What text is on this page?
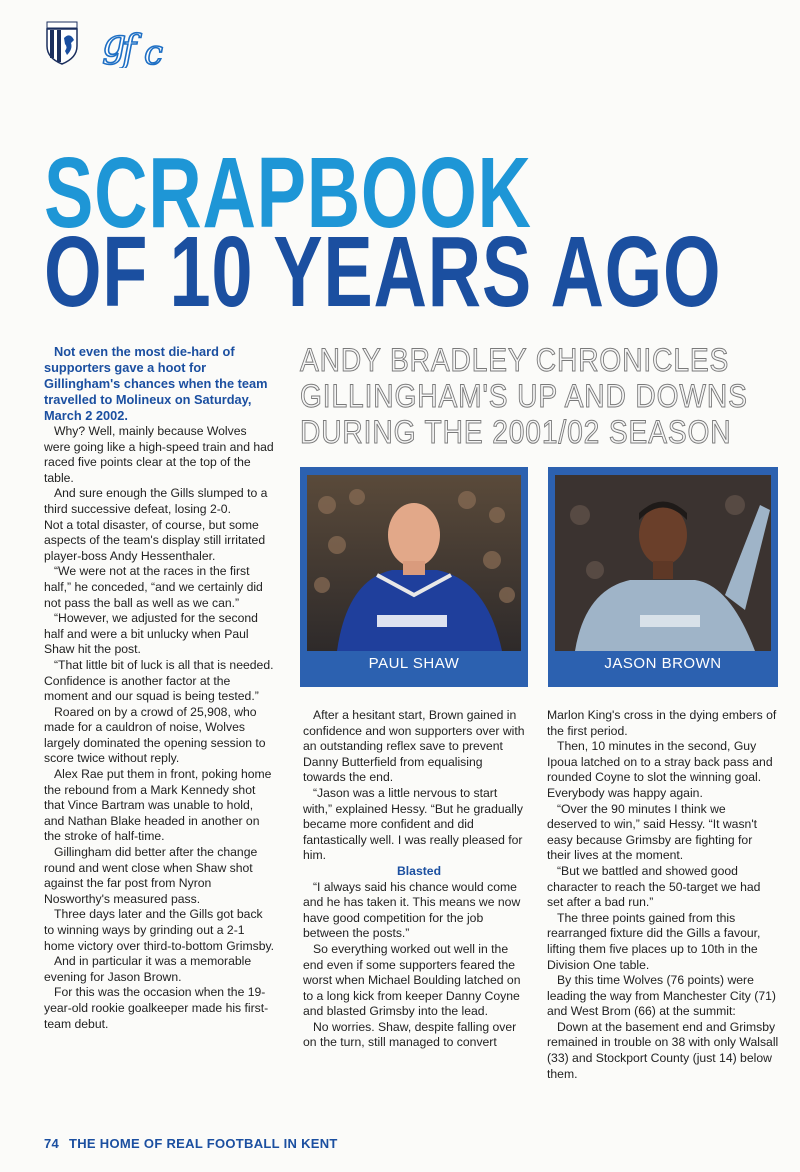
g
f c
SCRAPBOOK
OF 10 YEARS AGO
ANDY BRADLEY CHRONICLES
GILLINGHAM'S UP AND DOWNS
DURING THE 2001/02 SEASON

Not even the most die-hard of supporters gave a hoot for Gillingham's chances when the team travelled to Molineux on Saturday, March 2 2002.

Why? Well, mainly because Wolves were going like a high-speed train and had raced five points clear at the top of the table.

And sure enough the Gills slumped to a third successive defeat, losing 2-0.

Not a total disaster, of course, but some aspects of the team's display still irritated player-boss Andy Hessenthaler.

“We were not at the races in the first half,” he conceded, “and we certainly did not pass the ball as well as we can.”

“However, we adjusted for the second half and were a bit unlucky when Paul Shaw hit the post.

“That little bit of luck is all that is needed. Confidence is another factor at the moment and our squad is being tested.”

Roared on by a crowd of 25,908, who made for a cauldron of noise, Wolves largely dominated the opening session to score twice without reply.

Alex Rae put them in front, poking home the rebound from a Mark Kennedy shot that Vince Bartram was unable to hold, and Nathan Blake headed in another on the stroke of half-time.

Gillingham did better after the change round and went close when Shaw shot against the far post from Nyron Nosworthy's measured pass.

Three days later and the Gills got back to winning ways by grinding out a 2-1 home victory over third-to-bottom Grimsby.

And in particular it was a memorable evening for Jason Brown.

For this was the occasion when the 19-year-old rookie goalkeeper made his first-team debut.

PAUL SHAW	JASON BROWN

After a hesitant start, Brown gained in confidence and won supporters over with an outstanding reflex save to prevent Danny Butterfield from equalising towards the end.

“Jason was a little nervous to start with,” explained Hessy. “But he gradually became more confident and did fantastically well. I was really pleased for him.

Blasted

“I always said his chance would come and he has taken it. This means we now have good competition for the job between the posts.”

So everything worked out well in the end even if some supporters feared the worst when Michael Boulding latched on to a long kick from keeper Danny Coyne and blasted Grimsby into the lead.

No worries. Shaw, despite falling over on the turn, still managed to convert

Marlon King's cross in the dying embers of the first period.

Then, 10 minutes in the second, Guy Ipoua latched on to a stray back pass and rounded Coyne to slot the winning goal. Everybody was happy again.

“Over the 90 minutes I think we deserved to win,” said Hessy. “It wasn't easy because Grimsby are fighting for their lives at the moment.

“But we battled and showed good character to reach the 50-target we had set after a bad run.”

The three points gained from this rearranged fixture did the Gills a favour, lifting them five places up to 10th in the Division One table.

By this time Wolves (76 points) were leading the way from Manchester City (71) and West Brom (66) at the summit:

Down at the basement end and Grimsby remained in trouble on 38 with only Walsall (33) and Stockport County (just 14) below them.

74 THE HOME OF REAL FOOTBALL IN KENT
